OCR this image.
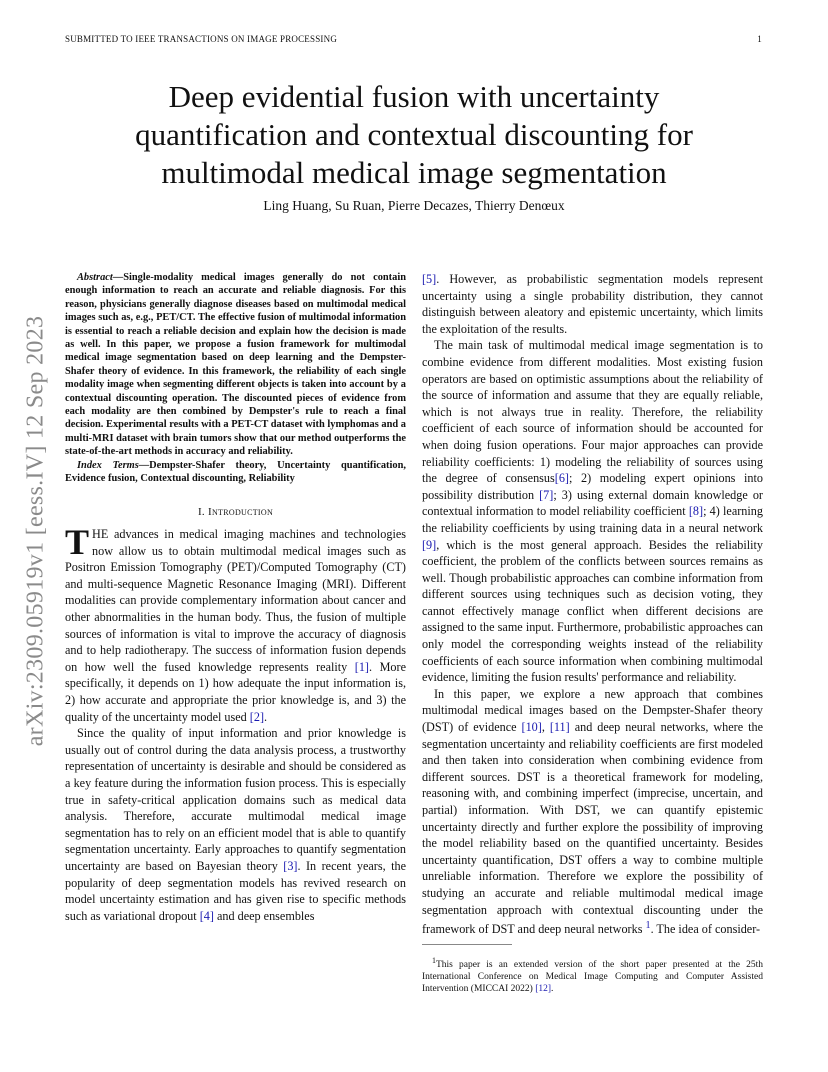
SUBMITTED TO IEEE TRANSACTIONS ON IMAGE PROCESSING	1
Deep evidential fusion with uncertainty
quantification and contextual discounting for
multimodal medical image segmentation
Ling Huang, Su Ruan, Pierre Decazes, Thierry Denœux
arXiv:2309.05919v1 [eess.IV] 12 Sep 2023

Abstract—Single-modality medical images generally do not contain enough information to reach an accurate and reliable diagnosis. For this reason, physicians generally diagnose diseases based on multimodal medical images such as, e.g., PET/CT. The effective fusion of multimodal information is essential to reach a reliable decision and explain how the decision is made as well. In this paper, we propose a fusion framework for multimodal medical image segmentation based on deep learning and the Dempster-Shafer theory of evidence. In this framework, the reliability of each single modality image when segmenting different objects is taken into account by a contextual discounting operation. The discounted pieces of evidence from each modality are then combined by Dempster's rule to reach a final decision. Experimental results with a PET-CT dataset with lymphomas and a multi-MRI dataset with brain tumors show that our method outperforms the state-of-the-art methods in accuracy and reliability.

Index Terms—Dempster-Shafer theory, Uncertainty quantification, Evidence fusion, Contextual discounting, Reliability

I. Introduction

THE advances in medical imaging machines and technologies now allow us to obtain multimodal medical images such as Positron Emission Tomography (PET)/Computed Tomography (CT) and multi-sequence Magnetic Resonance Imaging (MRI). Different modalities can provide complementary information about cancer and other abnormalities in the human body. Thus, the fusion of multiple sources of information is vital to improve the accuracy of diagnosis and to help radiotherapy. The success of information fusion depends on how well the fused knowledge represents reality [1]. More specifically, it depends on 1) how adequate the input information is, 2) how accurate and appropriate the prior knowledge is, and 3) the quality of the uncertainty model used [2].

Since the quality of input information and prior knowledge is usually out of control during the data analysis process, a trustworthy representation of uncertainty is desirable and should be considered as a key feature during the information fusion process. This is especially true in safety-critical application domains such as medical data analysis. Therefore, accurate multimodal medical image segmentation has to rely on an efficient model that is able to quantify segmentation uncertainty. Early approaches to quantify segmentation uncertainty are based on Bayesian theory [3]. In recent years, the popularity of deep segmentation models has revived research on model uncertainty estimation and has given rise to specific methods such as variational dropout [4] and deep ensembles

[5]. However, as probabilistic segmentation models represent uncertainty using a single probability distribution, they cannot distinguish between aleatory and epistemic uncertainty, which limits the exploitation of the results.

The main task of multimodal medical image segmentation is to combine evidence from different modalities. Most existing fusion operators are based on optimistic assumptions about the reliability of the source of information and assume that they are equally reliable, which is not always true in reality. Therefore, the reliability coefficient of each source of information should be accounted for when doing fusion operations. Four major approaches can provide reliability coefficients: 1) modeling the reliability of sources using the degree of consensus[6]; 2) modeling expert opinions into possibility distribution [7]; 3) using external domain knowledge or contextual information to model reliability coefficient [8]; 4) learning the reliability coefficients by using training data in a neural network [9], which is the most general approach. Besides the reliability coefficient, the problem of the conflicts between sources remains as well. Though probabilistic approaches can combine information from different sources using techniques such as decision voting, they cannot effectively manage conflict when different decisions are assigned to the same input. Furthermore, probabilistic approaches can only model the corresponding weights instead of the reliability coefficients of each source information when combining multimodal evidence, limiting the fusion results' performance and reliability.

In this paper, we explore a new approach that combines multimodal medical images based on the Dempster-Shafer theory (DST) of evidence [10], [11] and deep neural networks, where the segmentation uncertainty and reliability coefficients are first modeled and then taken into consideration when combining evidence from different sources. DST is a theoretical framework for modeling, reasoning with, and combining imperfect (imprecise, uncertain, and partial) information. With DST, we can quantify epistemic uncertainty directly and further explore the possibility of improving the model reliability based on the quantified uncertainty. Besides uncertainty quantification, DST offers a way to combine multiple unreliable information. Therefore we explore the possibility of studying an accurate and reliable multimodal medical image segmentation approach with contextual discounting under the framework of DST and deep neural networks $^1$. The idea of consider-

$^1$This paper is an extended version of the short paper presented at the 25th International Conference on Medical Image Computing and Computer Assisted Intervention (MICCAI 2022) [12].
